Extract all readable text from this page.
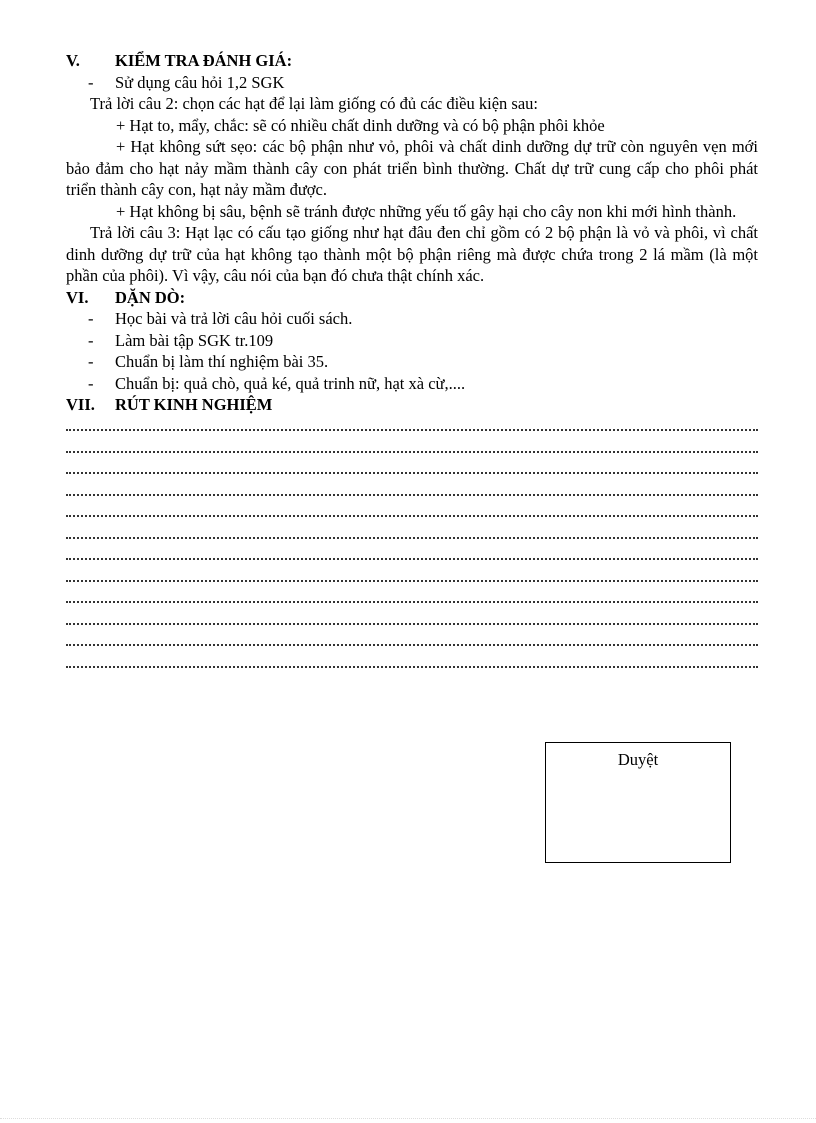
V.	KIỂM TRA ĐÁNH GIÁ:
-	Sử dụng câu hỏi 1,2 SGK
Trả lời câu 2: chọn các hạt để lại làm giống có đủ các điều kiện sau:
+ Hạt to, mẩy, chắc: sẽ có nhiều chất dinh dưỡng và có bộ phận phôi khỏe
+ Hạt không sứt sẹo: các bộ phận như vỏ, phôi và chất dinh dưỡng dự trữ còn nguyên vẹn mới bảo đảm cho hạt nảy mầm thành cây con phát triển bình thường. Chất dự trữ cung cấp cho phôi phát triển thành cây con, hạt nảy mầm được.
+ Hạt không bị sâu, bệnh sẽ tránh được những yếu tố gây hại cho cây non khi mới hình thành.
Trả lời câu 3: Hạt lạc có cấu tạo giống như hạt đâu đen chỉ gồm có 2 bộ phận là vỏ và phôi, vì chất dinh dưỡng dự trữ của hạt không tạo thành một bộ phận riêng mà được chứa trong 2 lá mầm (là một phần của phôi). Vì vậy, câu nói của bạn đó chưa thật chính xác.
VI.	DẶN DÒ:
-	Học bài và trả lời câu hỏi cuối sách.
-	Làm bài tập SGK tr.109
-	Chuẩn bị làm thí nghiệm bài 35.
-	Chuẩn bị: quả chò, quả ké, quả trinh nữ, hạt xà cừ,....
VII.	RÚT KINH NGHIỆM
Duyệt
